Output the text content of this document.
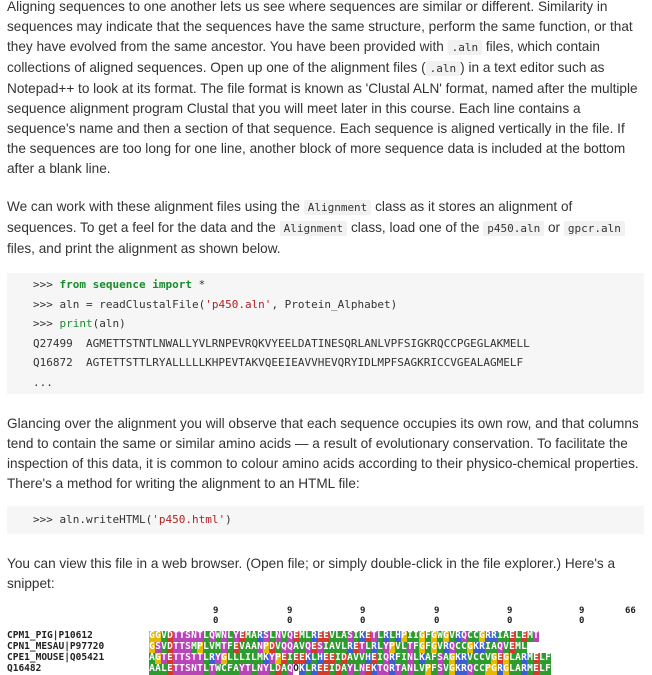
Aligning sequences to one another lets us see where sequences are similar or different. Similarity in sequences may indicate that the sequences have the same structure, perform the same function, or that they have evolved from the same ancestor. You have been provided with .aln files, which contain collections of aligned sequences. Open up one of the alignment files ( .aln ) in a text editor such as Notepad++ to look at its format. The file format is known as 'Clustal ALN' format, named after the multiple sequence alignment program Clustal that you will meet later in this course. Each line contains a sequence's name and then a section of that sequence. Each sequence is aligned vertically in the file. If the sequences are too long for one line, another block of more sequence data is included at the bottom after a blank line.

We can work with these alignment files using the Alignment class as it stores an alignment of sequences. To get a feel for the data and the Alignment class, load one of the p450.aln or gpcr.aln files, and print the alignment as shown below.

>>> from sequence import *
>>> aln = readClustalFile('p450.aln', Protein_Alphabet)
>>> print(aln)
Q27499  AGMETTSTNTLNWALLYVLRNPEVRQKVYEELDATINESQRLANLVPFSIGKRQCCPGEGLAKMELL
Q16872  AGTETTSTTLRYALLLLLKHPEVTAKVQEEIEAVVHEVQRYIDLMPFSAGKRICCVGEALAGMELF
...

Glancing over the alignment you will observe that each sequence occupies its own row, and that columns tend to contain the same or similar amino acids — a result of evolutionary conservation. To facilitate the inspection of this data, it is common to colour amino acids according to their physico-chemical properties. There's a method for writing the alignment to an HTML file:

>>> aln.writeHTML('p450.html')

You can view this file in a web browser. (Open file; or simply double-click in the file explorer.) Here's a snippet:

9
0
9
0
9
0
9
0
9
0
9
0
66
CPM1_PIG|P10612	GGVDTTSNTLQWNLYEMARSLNVQEMLREEVLASIKETLRLHPIIGFGWGVRQCCGRRIAELEMT
CPN1_MESAU|P97720	GSVDTTSMPLVMTFEVAANPDVQQAVQESIAVLRETLRLYPVLTFGFGVRQCCGKRIAQVEML
CPE1_MOUSE|Q05421	AGTETTSTTLRYGLLLILMKYPEIEEKLHEEIDAVVHEIQRFINLKAFSAGKRVCCVGEGLARMELF
Q16482	AALETTSNTLTWCFAYTLNYLDAQOKLREEIDAYLNEKTQRTANLVPFSVGKRQCCPGRGLARMELF
